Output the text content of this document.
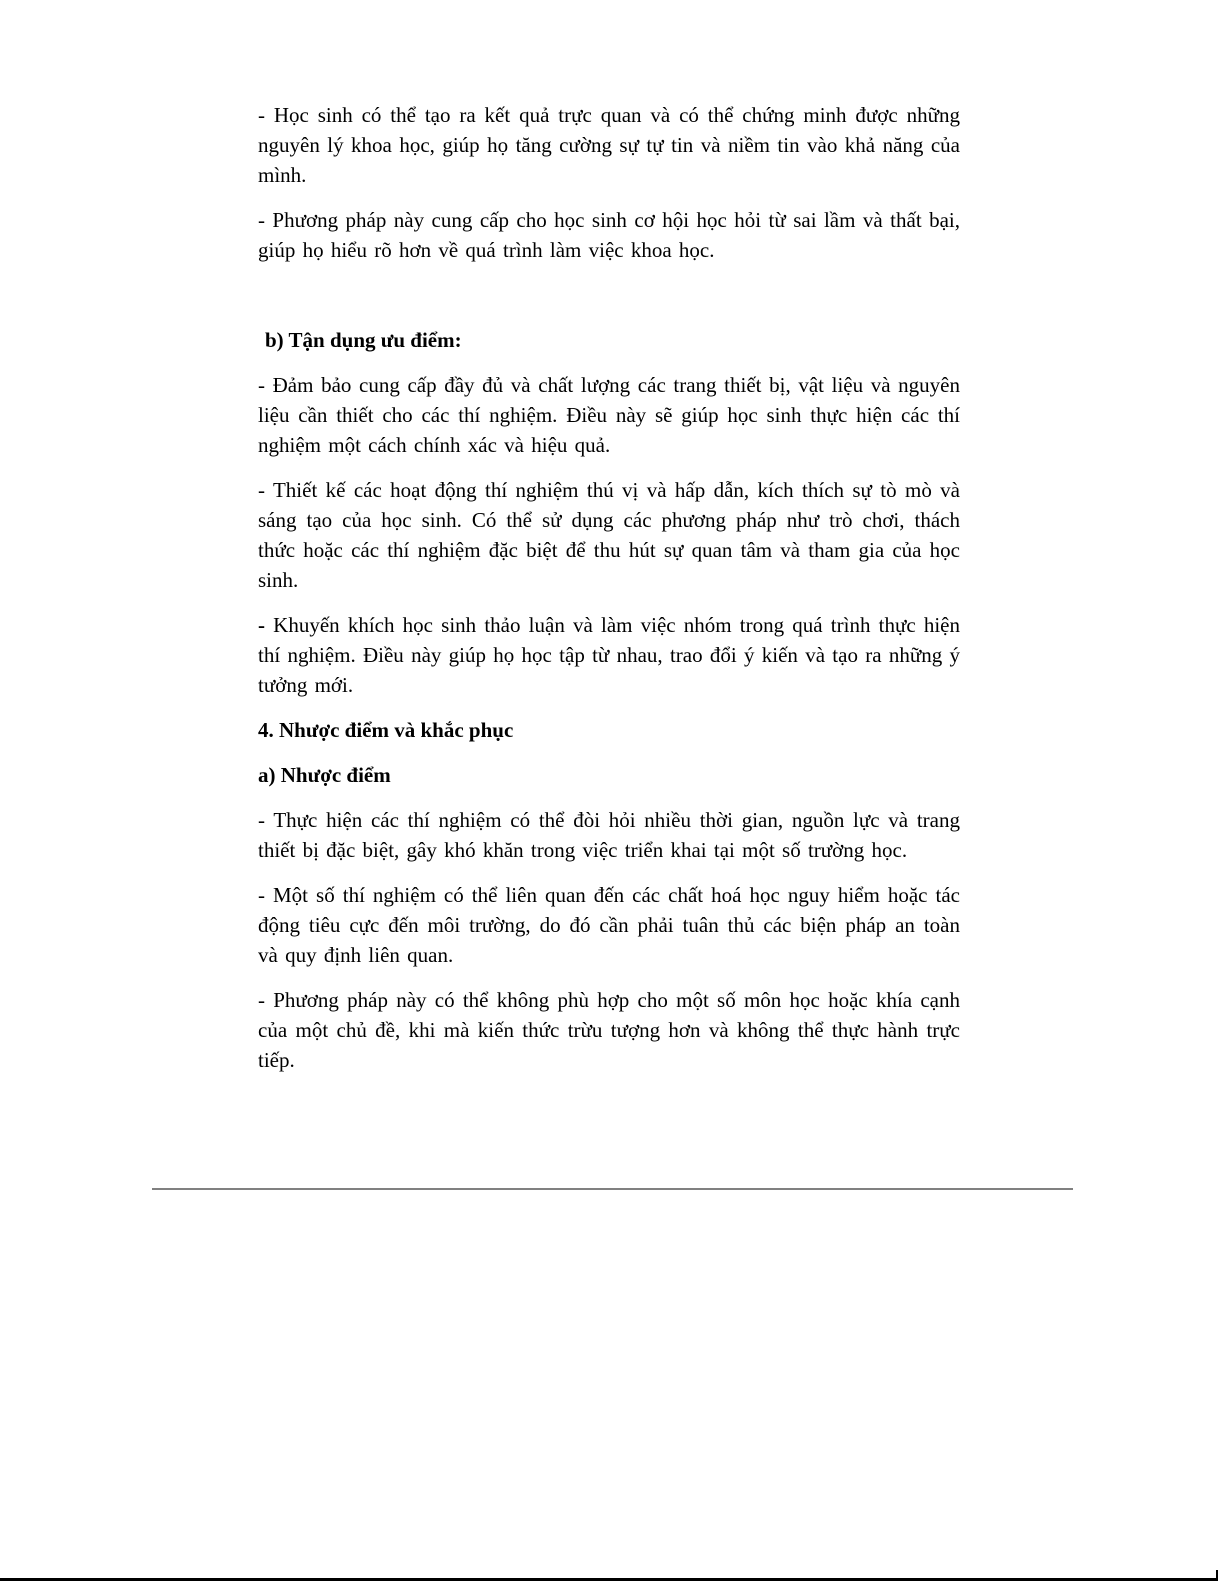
- Học sinh có thể tạo ra kết quả trực quan và có thể chứng minh được những nguyên lý khoa học, giúp họ tăng cường sự tự tin và niềm tin vào khả năng của mình.

- Phương pháp này cung cấp cho học sinh cơ hội học hỏi từ sai lầm và thất bại, giúp họ hiểu rõ hơn về quá trình làm việc khoa học.

b) Tận dụng ưu điểm:

- Đảm bảo cung cấp đầy đủ và chất lượng các trang thiết bị, vật liệu và nguyên liệu cần thiết cho các thí nghiệm. Điều này sẽ giúp học sinh thực hiện các thí nghiệm một cách chính xác và hiệu quả.

- Thiết kế các hoạt động thí nghiệm thú vị và hấp dẫn, kích thích sự tò mò và sáng tạo của học sinh. Có thể sử dụng các phương pháp như trò chơi, thách thức hoặc các thí nghiệm đặc biệt để thu hút sự quan tâm và tham gia của học sinh.

- Khuyến khích học sinh thảo luận và làm việc nhóm trong quá trình thực hiện thí nghiệm. Điều này giúp họ học tập từ nhau, trao đổi ý kiến và tạo ra những ý tưởng mới.

4. Nhược điểm và khắc phục

a) Nhược điểm

- Thực hiện các thí nghiệm có thể đòi hỏi nhiều thời gian, nguồn lực và trang thiết bị đặc biệt, gây khó khăn trong việc triển khai tại một số trường học.

- Một số thí nghiệm có thể liên quan đến các chất hoá học nguy hiểm hoặc tác động tiêu cực đến môi trường, do đó cần phải tuân thủ các biện pháp an toàn và quy định liên quan.

- Phương pháp này có thể không phù hợp cho một số môn học hoặc khía cạnh của một chủ đề, khi mà kiến thức trừu tượng hơn và không thể thực hành trực tiếp.
